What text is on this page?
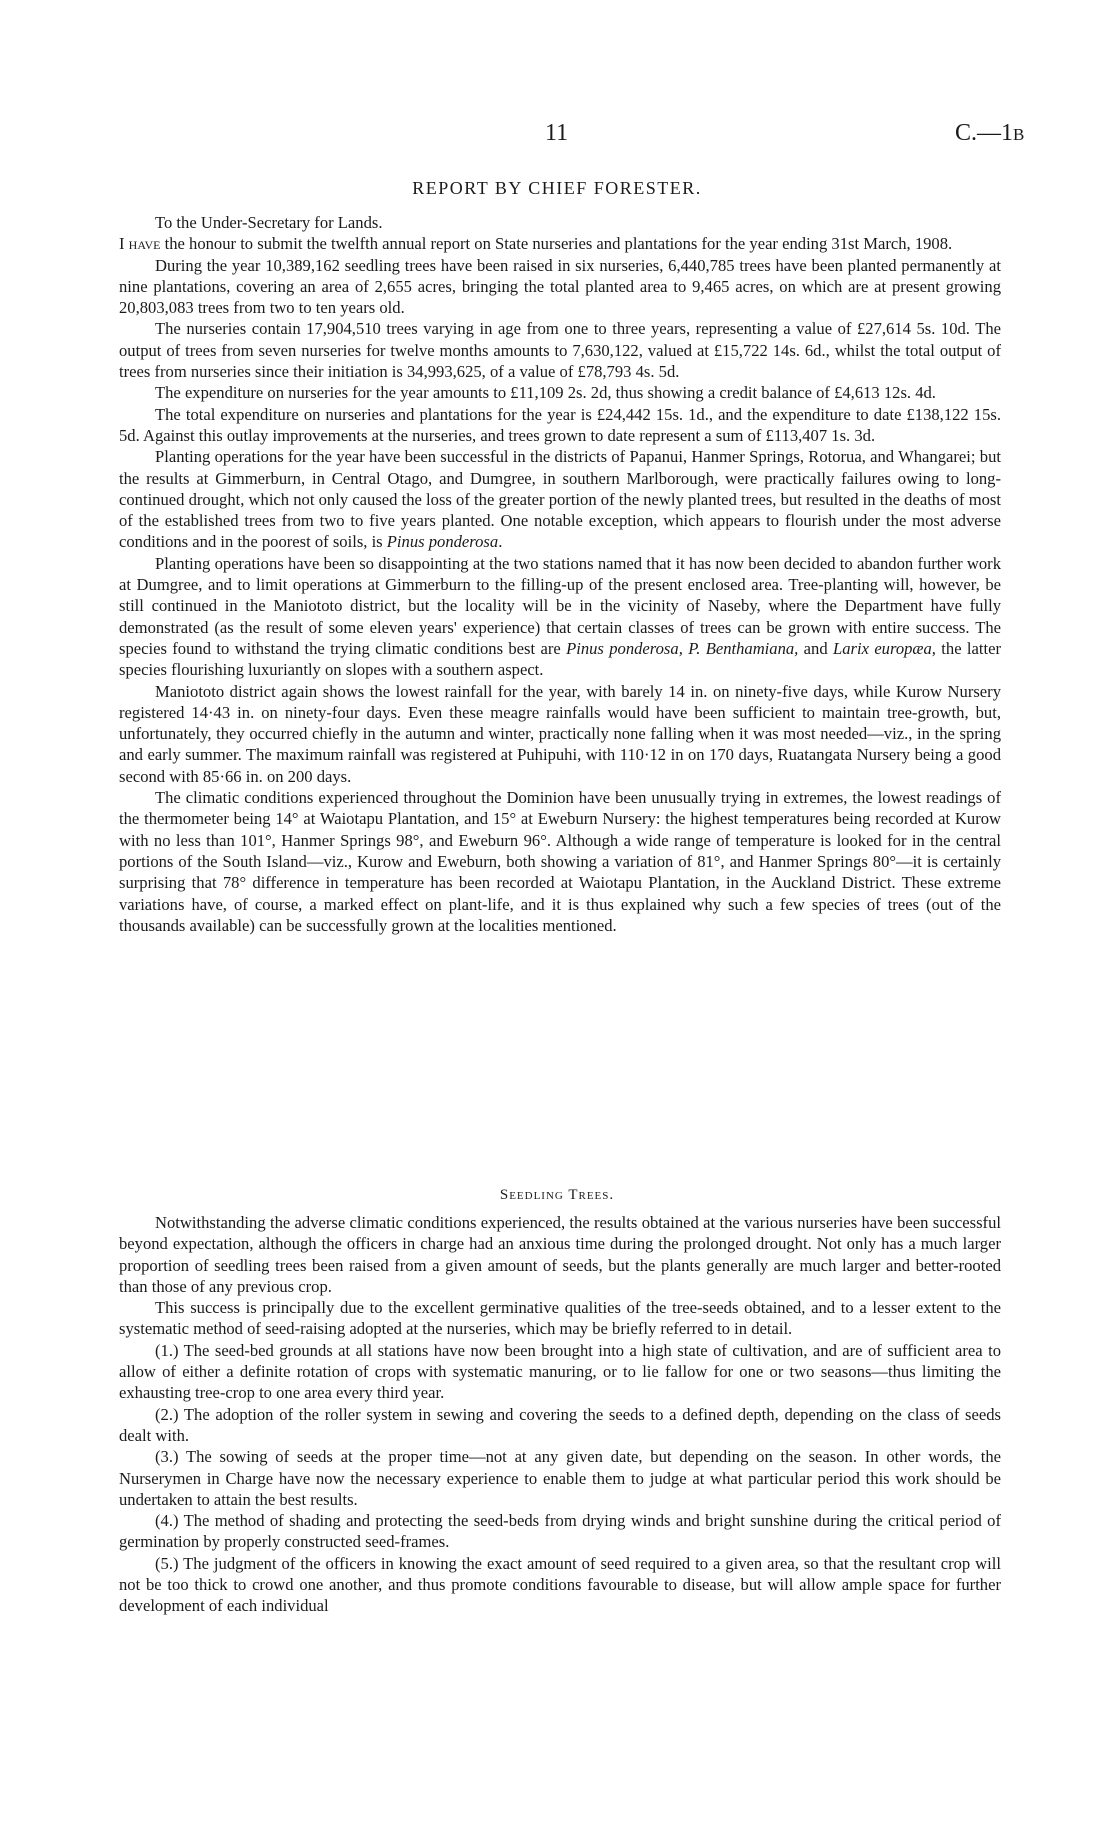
11	C.—1B
REPORT BY CHIEF FORESTER.

To the Under-Secretary for Lands.

I have the honour to submit the twelfth annual report on State nurseries and plantations for the year ending 31st March, 1908.

During the year 10,389,162 seedling trees have been raised in six nurseries, 6,440,785 trees have been planted permanently at nine plantations, covering an area of 2,655 acres, bringing the total planted area to 9,465 acres, on which are at present growing 20,803,083 trees from two to ten years old.

The nurseries contain 17,904,510 trees varying in age from one to three years, representing a value of £27,614 5s. 10d. The output of trees from seven nurseries for twelve months amounts to 7,630,122, valued at £15,722 14s. 6d., whilst the total output of trees from nurseries since their initiation is 34,993,625, of a value of £78,793 4s. 5d.

The expenditure on nurseries for the year amounts to £11,109 2s. 2d, thus showing a credit balance of £4,613 12s. 4d.

The total expenditure on nurseries and plantations for the year is £24,442 15s. 1d., and the expenditure to date £138,122 15s. 5d. Against this outlay improvements at the nurseries, and trees grown to date represent a sum of £113,407 1s. 3d.

Planting operations for the year have been successful in the districts of Papanui, Hanmer Springs, Rotorua, and Whangarei; but the results at Gimmerburn, in Central Otago, and Dumgree, in southern Marlborough, were practically failures owing to long-continued drought, which not only caused the loss of the greater portion of the newly planted trees, but resulted in the deaths of most of the established trees from two to five years planted. One notable exception, which appears to flourish under the most adverse conditions and in the poorest of soils, is Pinus ponderosa.

Planting operations have been so disappointing at the two stations named that it has now been decided to abandon further work at Dumgree, and to limit operations at Gimmerburn to the filling-up of the present enclosed area. Tree-planting will, however, be still continued in the Maniototo district, but the locality will be in the vicinity of Naseby, where the Department have fully demonstrated (as the result of some eleven years' experience) that certain classes of trees can be grown with entire success. The species found to withstand the trying climatic conditions best are Pinus ponderosa, P. Benthamiana, and Larix europæa, the latter species flourishing luxuriantly on slopes with a southern aspect.

Maniototo district again shows the lowest rainfall for the year, with barely 14 in. on ninety-five days, while Kurow Nursery registered 14·43 in. on ninety-four days. Even these meagre rainfalls would have been sufficient to maintain tree-growth, but, unfortunately, they occurred chiefly in the autumn and winter, practically none falling when it was most needed—viz., in the spring and early summer. The maximum rainfall was registered at Puhipuhi, with 110·12 in on 170 days, Ruatangata Nursery being a good second with 85·66 in. on 200 days.

The climatic conditions experienced throughout the Dominion have been unusually trying in extremes, the lowest readings of the thermometer being 14° at Waiotapu Plantation, and 15° at Eweburn Nursery: the highest temperatures being recorded at Kurow with no less than 101°, Hanmer Springs 98°, and Eweburn 96°. Although a wide range of temperature is looked for in the central portions of the South Island—viz., Kurow and Eweburn, both showing a variation of 81°, and Hanmer Springs 80°—it is certainly surprising that 78° difference in temperature has been recorded at Waiotapu Plantation, in the Auckland District. These extreme variations have, of course, a marked effect on plant-life, and it is thus explained why such a few species of trees (out of the thousands available) can be successfully grown at the localities mentioned.

Seedling Trees.

Notwithstanding the adverse climatic conditions experienced, the results obtained at the various nurseries have been successful beyond expectation, although the officers in charge had an anxious time during the prolonged drought. Not only has a much larger proportion of seedling trees been raised from a given amount of seeds, but the plants generally are much larger and better-rooted than those of any previous crop.

This success is principally due to the excellent germinative qualities of the tree-seeds obtained, and to a lesser extent to the systematic method of seed-raising adopted at the nurseries, which may be briefly referred to in detail.

(1.) The seed-bed grounds at all stations have now been brought into a high state of cultivation, and are of sufficient area to allow of either a definite rotation of crops with systematic manuring, or to lie fallow for one or two seasons—thus limiting the exhausting tree-crop to one area every third year.

(2.) The adoption of the roller system in sewing and covering the seeds to a defined depth, depending on the class of seeds dealt with.

(3.) The sowing of seeds at the proper time—not at any given date, but depending on the season. In other words, the Nurserymen in Charge have now the necessary experience to enable them to judge at what particular period this work should be undertaken to attain the best results.

(4.) The method of shading and protecting the seed-beds from drying winds and bright sunshine during the critical period of germination by properly constructed seed-frames.

(5.) The judgment of the officers in knowing the exact amount of seed required to a given area, so that the resultant crop will not be too thick to crowd one another, and thus promote conditions favourable to disease, but will allow ample space for further development of each individual
